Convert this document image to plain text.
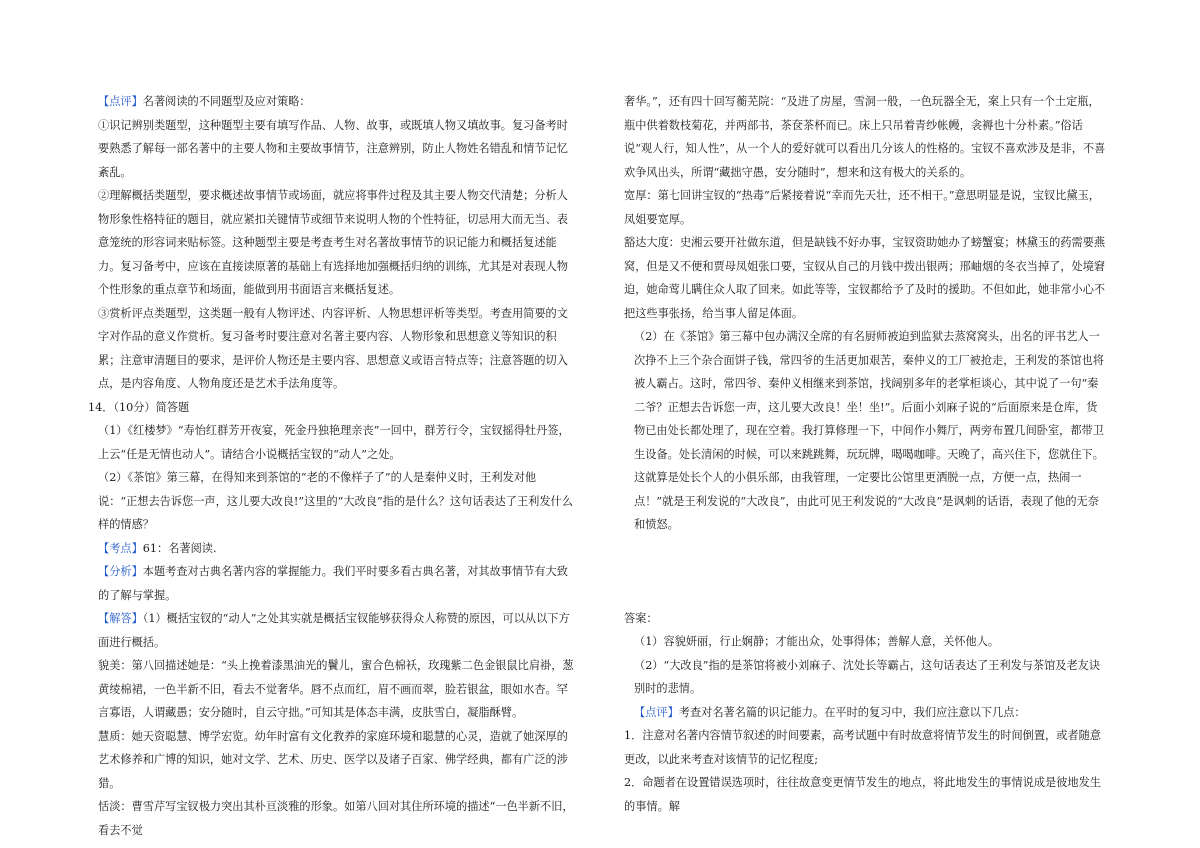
【点评】名著阅读的不同题型及应对策略：

①识记辨别类题型，这种题型主要有填写作品、人物、故事，或既填人物又填故事。复习备考时要熟悉了解每一部名著中的主要人物和主要故事情节，注意辨别，防止人物姓名错乱和情节记忆紊乱。

②理解概括类题型，要求概述故事情节或场面，就应将事件过程及其主要人物交代清楚；分析人物形象性格特征的题目，就应紧扣关键情节或细节来说明人物的个性特征，切忌用大而无当、表意笼统的形容词来贴标签。这种题型主要是考查考生对名著故事情节的识记能力和概括复述能力。复习备考中，应该在直接读原著的基础上有选择地加强概括归纳的训练，尤其是对表现人物个性形象的重点章节和场面，能做到用书面语言来概括复述。

③赏析评点类题型，这类题一般有人物评述、内容评析、人物思想评析等类型。考查用简要的文字对作品的意义作赏析。复习备考时要注意对名著主要内容、人物形象和思想意义等知识的积累；注意审清题目的要求，是评价人物还是主要内容、思想意义或语言特点等；注意答题的切入点，是内容角度、人物角度还是艺术手法角度等。

14．（10分）简答题

（1）《红楼梦》“寿怡红群芳开夜宴，死金丹独艳理亲丧”一回中，群芳行令，宝钗摇得牡丹签，上云“任是无情也动人”。请结合小说概括宝钗的“动人”之处。

（2）《茶馆》第三幕，在得知来到茶馆的“老的不像样子了”的人是秦仲义时，王利发对他说：“正想去告诉您一声，这儿要大改良!”这里的“大改良”指的是什么？这句话表达了王利发什么样的情感？

【考点】61：名著阅读.

【分析】本题考查对古典名著内容的掌握能力。我们平时要多看古典名著，对其故事情节有大致的了解与掌握。

【解答】（1）概括宝钗的“动人”之处其实就是概括宝钗能够获得众人称赞的原因，可以从以下方面进行概括。

貌美：第八回描述她是：“头上挽着漆黑油光的鬢儿，蜜合色棉袄，玫瑰紫二色金银鼠比肩褂，葱黄绫棉裙，一色半新不旧，看去不觉奢华。唇不点而红，眉不画而翠，脸若银盆，眼如水杏。罕言寡语，人谓藏愚；安分随时，自云守拙。”可知其是体态丰满，皮肤雪白，凝脂酥臂。

慧质：她天资聪慧、博学宏览。幼年时富有文化教养的家庭环境和聪慧的心灵，造就了她深厚的艺术修养和广博的知识，她对文学、艺术、历史、医学以及诸子百家、佛学经典，都有广泛的涉猎。

恬淡：曹雪芹写宝钗极力突出其朴亘淡雅的形象。如第八回对其住所环境的描述“一色半新不旧，看去不觉

奢华。”，还有四十回写蘅芜院：“及进了房屋，雪洞一般，一色玩器全无，案上只有一个土定瓶，瓶中供着数枝菊花，并两部书，茶奁茶杯而已。床上只吊着青纱帐幔，衾褥也十分朴素。”俗话说“观人行，知人性”，从一个人的爱好就可以看出几分该人的性格的。宝钗不喜欢涉及是非，不喜欢争风出头，所谓“藏拙守愚，安分随时”，想来和这有极大的关系的。

宽厚：第七回讲宝钗的“热毒”后紧接着说“幸而先天壮，还不相干。”意思明显是说，宝钗比黛玉，凤姐要宽厚。

豁达大度：史湘云要开社做东道，但是缺钱不好办事，宝钗资助她办了螃蟹宴；林黛玉的药需要燕窝，但是又不便和贾母凤姐张口要，宝钗从自己的月钱中拨出银两；邢岫烟的冬衣当掉了，处境窘迫，她命莺儿瞒住众人取了回来。如此等等，宝钗都给予了及时的援助。不但如此，她非常小心不把这些事张扬，给当事人留足体面。

（2）在《茶馆》第三幕中包办满汉全席的有名厨师被迫到监狱去蒸窝窝头，出名的评书艺人一次挣不上三个杂合面饼子钱，常四爷的生活更加艰苦，秦仲义的工厂被抢走，王利发的茶馆也将被人霸占。这时，常四爷、秦仲义相继来到茶馆，找阔别多年的老掌柜谈心，其中说了一句“秦二爷？正想去告诉您一声，这儿要大改良！坐！坐!”。后面小刘麻子说的“后面原来是仓库，货物已由处长都处理了，现在空着。我打算修理一下，中间作小舞厅，两旁布置几间卧室，都带卫生设备。处长清闲的时候，可以来跳跳舞，玩玩牌，喝喝咖啡。天晚了，高兴住下，您就住下。这就算是处长个人的小俱乐部，由我管理，一定要比公馆里更洒脱一点，方便一点，热闹一点！”就是王利发说的“大改良”，由此可见王利发说的“大改良”是讽刺的话语，表现了他的无奈和愤怒。

答案：

（1）容貌妍丽，行止娴静；才能出众，处事得体；善解人意，关怀他人。

（2）“大改良”指的是茶馆将被小刘麻子、沈处长等霸占，这句话表达了王利发与茶馆及老友诀别时的悲情。

【点评】考查对名著名篇的识记能力。在平时的复习中，我们应注意以下几点：

1．注意对名著内容情节叙述的时间要素，高考试题中有时故意将情节发生的时间倒置，或者随意更改，以此来考查对该情节的记忆程度;

2．命题者在设置错误选项时，往往故意变更情节发生的地点，将此地发生的事情说成是彼地发生的事情。解
